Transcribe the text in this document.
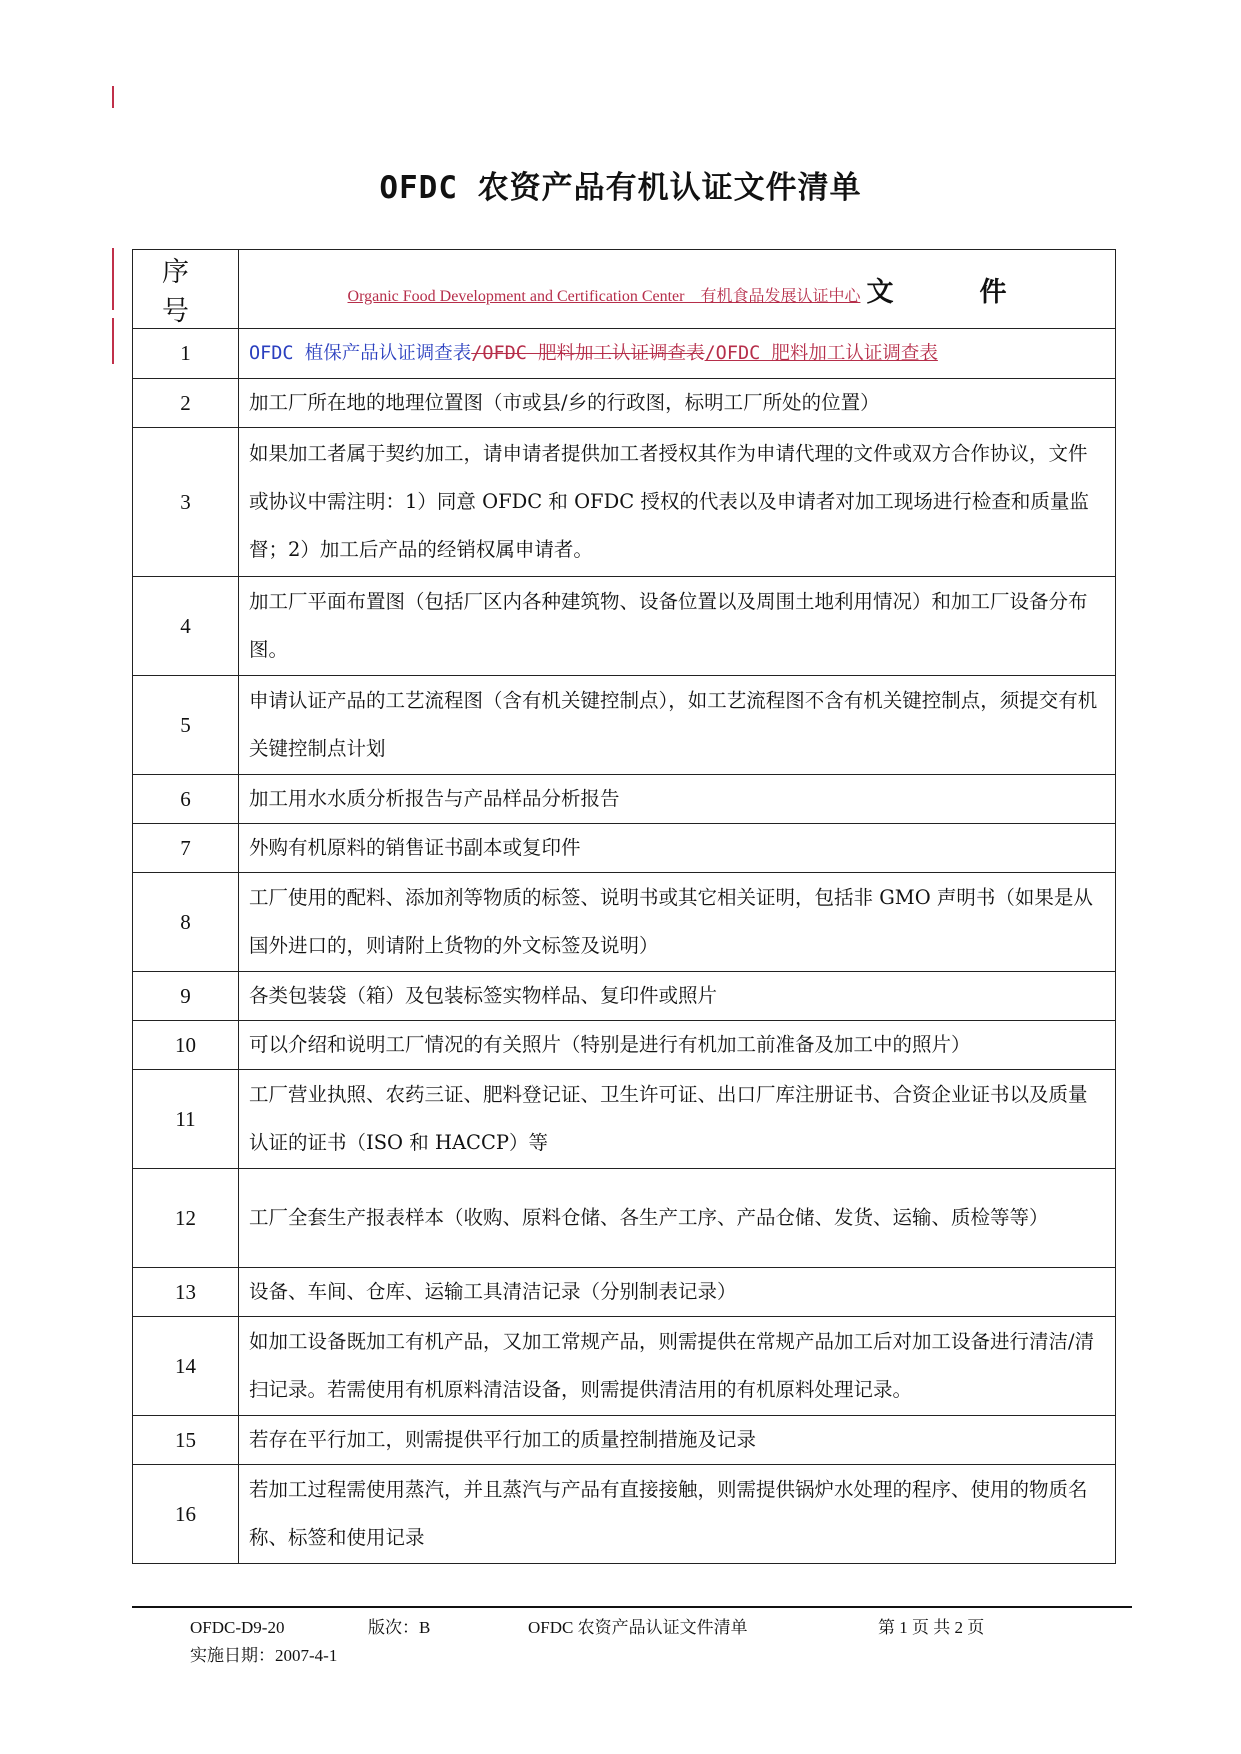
OFDC 农资产品有机认证文件清单
序 号	Organic Food Development and Certification Center　有机食品发展认证中心 文 件
1	OFDC 植保产品认证调查表/OFDC 肥料加工认证调查表/OFDC 肥料加工认证调查表
2	加工厂所在地的地理位置图（市或县/乡的行政图，标明工厂所处的位置）
3	如果加工者属于契约加工，请申请者提供加工者授权其作为申请代理的文件或双方合作协议，文件或协议中需注明：1）同意 OFDC 和 OFDC 授权的代表以及申请者对加工现场进行检查和质量监督；2）加工后产品的经销权属申请者。
4	加工厂平面布置图（包括厂区内各种建筑物、设备位置以及周围土地利用情况）和加工厂设备分布图。
5	申请认证产品的工艺流程图（含有机关键控制点），如工艺流程图不含有机关键控制点，须提交有机关键控制点计划
6	加工用水水质分析报告与产品样品分析报告
7	外购有机原料的销售证书副本或复印件
8	工厂使用的配料、添加剂等物质的标签、说明书或其它相关证明，包括非 GMO 声明书（如果是从国外进口的，则请附上货物的外文标签及说明）
9	各类包装袋（箱）及包装标签实物样品、复印件或照片
10	可以介绍和说明工厂情况的有关照片（特别是进行有机加工前准备及加工中的照片）
11	工厂营业执照、农药三证、肥料登记证、卫生许可证、出口厂库注册证书、合资企业证书以及质量认证的证书（ISO 和 HACCP）等
12	工厂全套生产报表样本（收购、原料仓储、各生产工序、产品仓储、发货、运输、质检等等）
13	设备、车间、仓库、运输工具清洁记录（分别制表记录）
14	如加工设备既加工有机产品，又加工常规产品，则需提供在常规产品加工后对加工设备进行清洁/清扫记录。若需使用有机原料清洁设备，则需提供清洁用的有机原料处理记录。
15	若存在平行加工，则需提供平行加工的质量控制措施及记录
16	若加工过程需使用蒸汽，并且蒸汽与产品有直接接触，则需提供锅炉水处理的程序、使用的物质名称、标签和使用记录
OFDC-D9-20	版次：B	OFDC 农资产品认证文件清单	第 1 页 共 2 页
实施日期：2007-4-1
